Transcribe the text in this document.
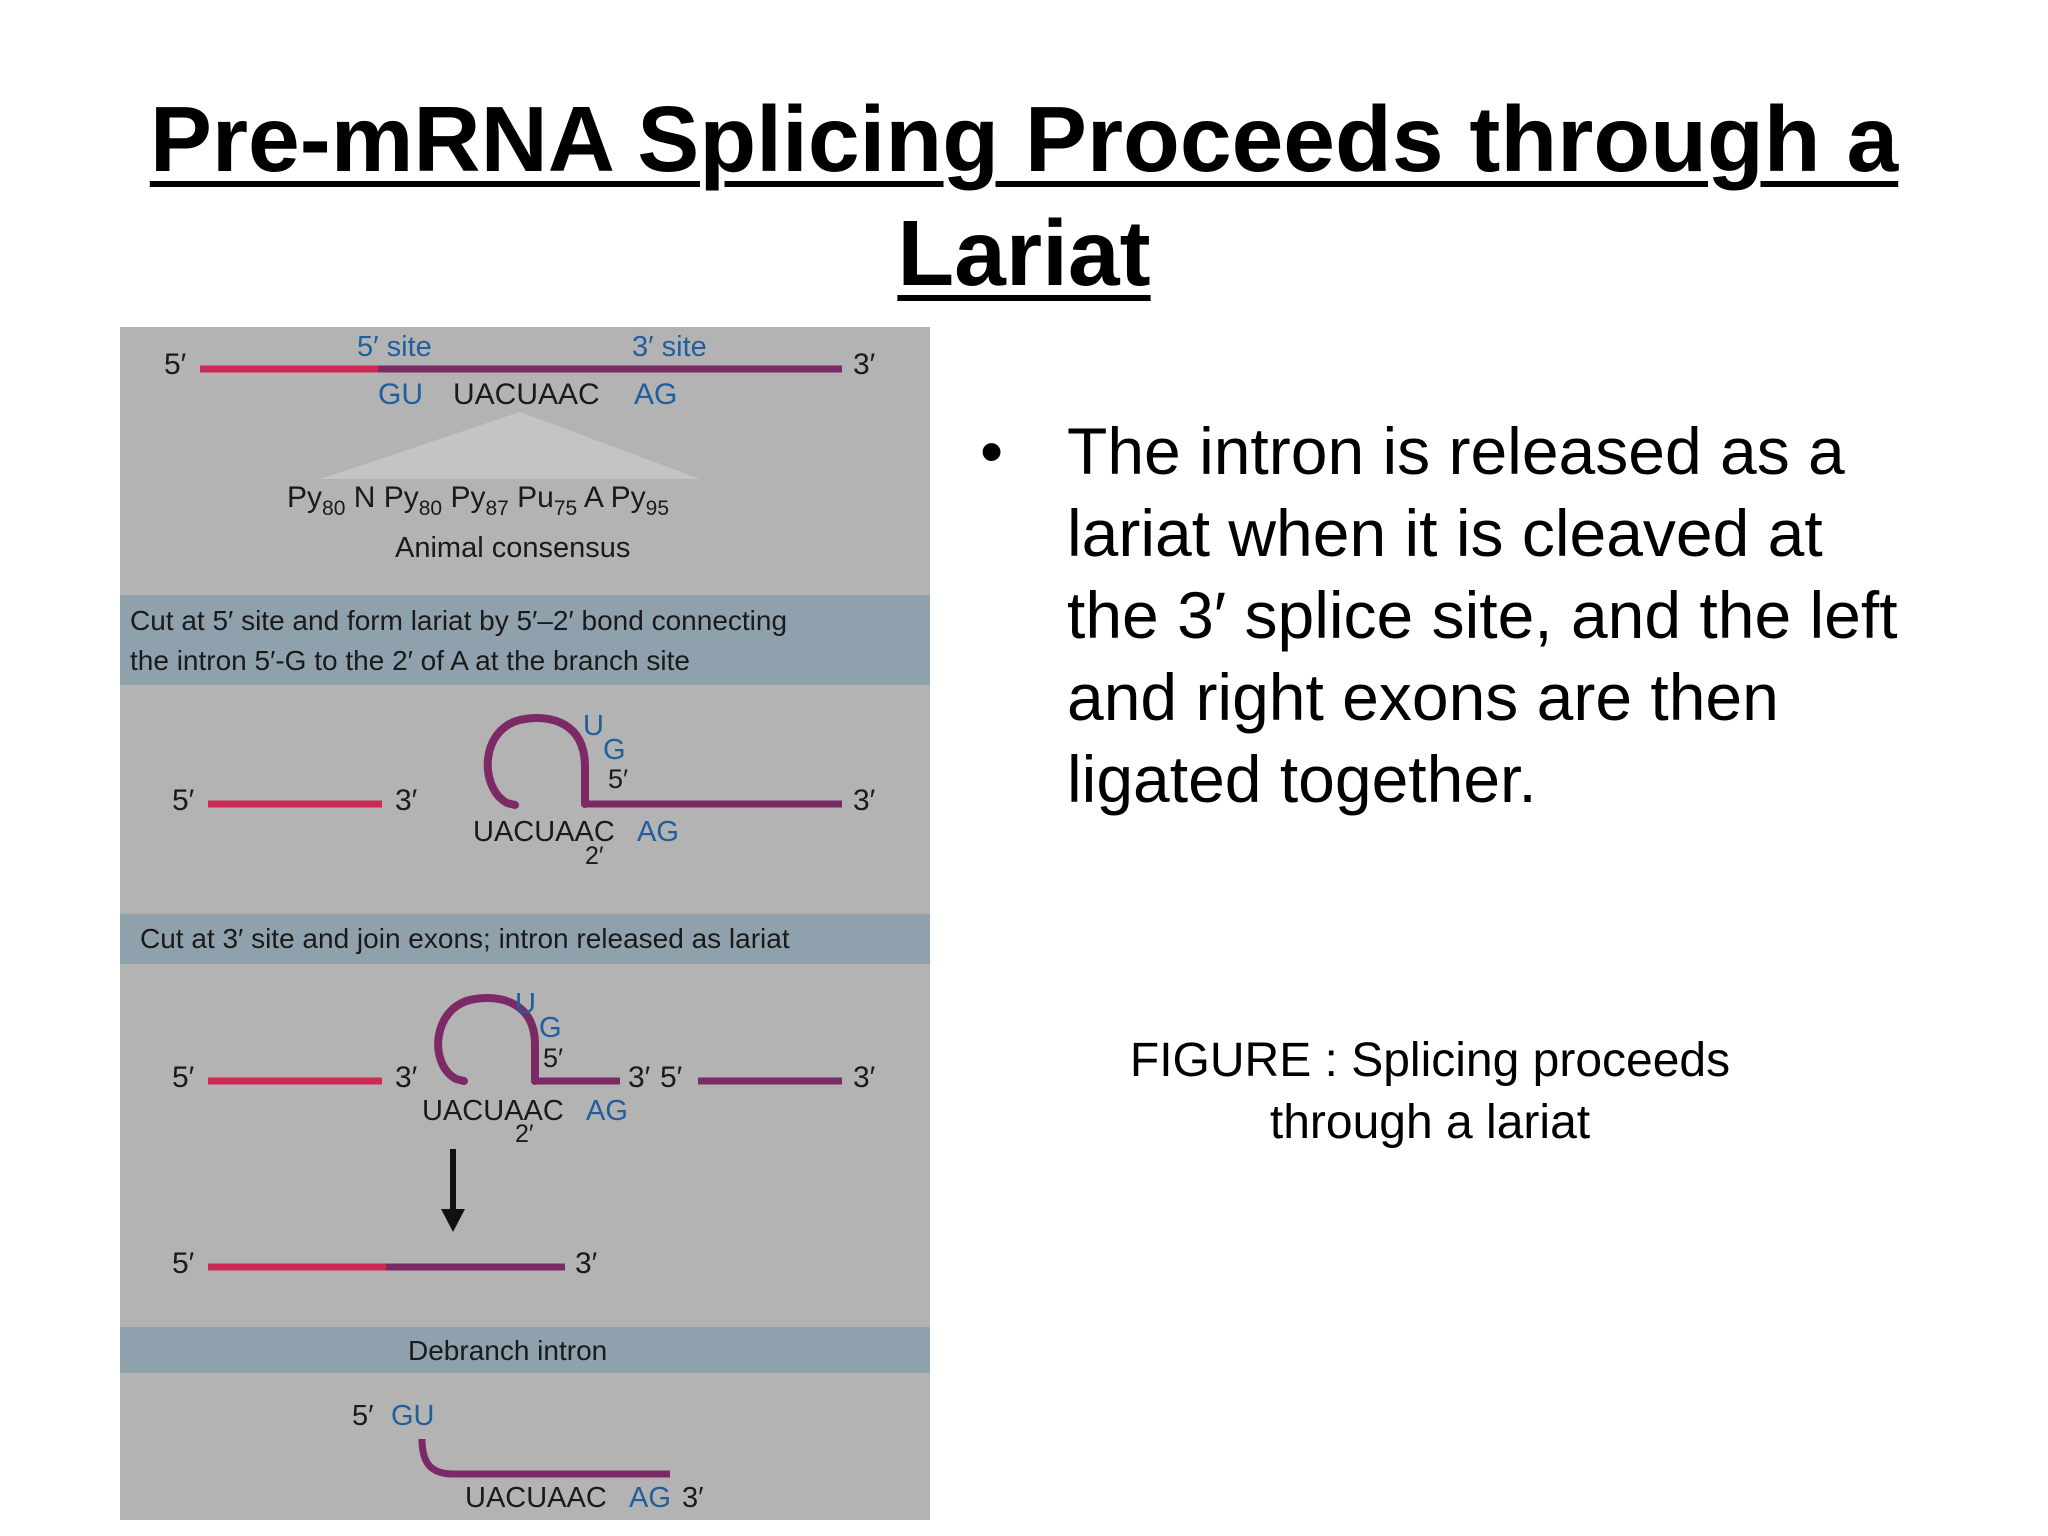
Pre-mRNA Splicing Proceeds through a
Lariat
5′	3′
5′ site	3′ site
GU UACUAAC AG
$Py_{80}$ N $Py_{80}$ $Py_{87}$ $Pu_{75}$ A $Py_{95}$
Animal consensus
Cut at 5′ site and form lariat by 5′–2′ bond connecting
the intron 5′-G to the 2′ of A at the branch site
5′	3′	3′
U
G
5′
UACUAAC AG
2′
Cut at 3′ site and join exons; intron released as lariat
5′	3′	3′ 5′	3′
U
G
5′
UACUAAC AG
2′
5′	3′
Debranch intron
5′ GU
UACUAAC AG 3′
• The intron is released as a
lariat when it is cleaved at
the 3′ splice site, and the left
and right exons are then
ligated together.
FIGURE : Splicing proceeds
through a lariat
